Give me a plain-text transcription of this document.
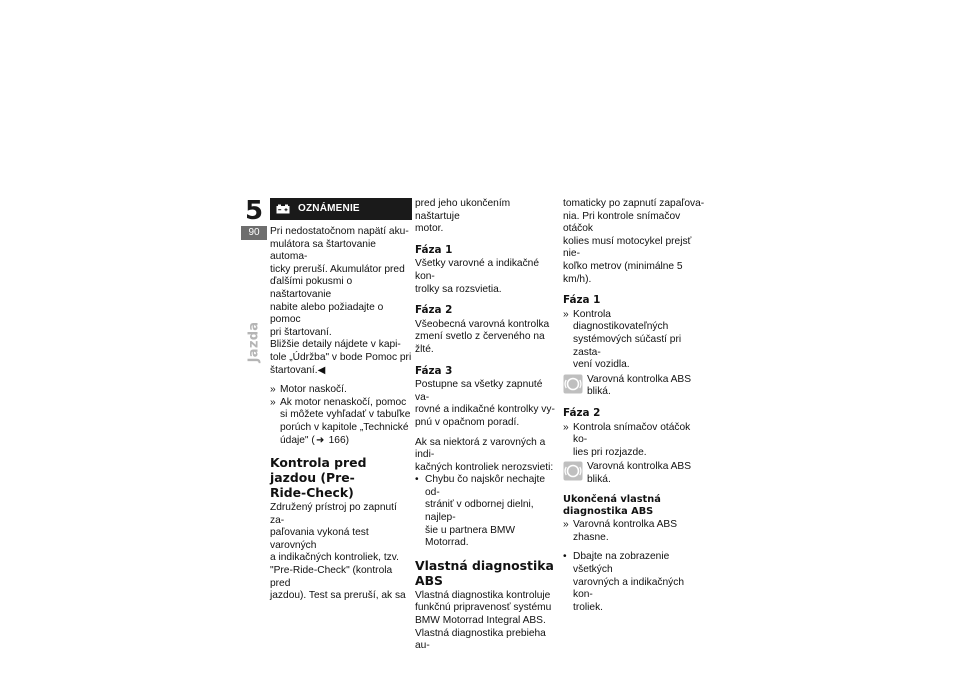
5
90
Jazda
OZNÁMENIE

Pri nedostatočnom napätí aku-
mulátora sa štartovanie automa-
ticky preruší. Akumulátor pred
ďalšími pokusmi o naštartovanie
nabite alebo požiadajte o pomoc
pri štartovaní.
Bližšie detaily nájdete v kapi-
tole „Údržba" v bode Pomoc pri
štartovaní.◀

» Motor naskočí.
» Ak motor nenaskočí, pomoc
si môžete vyhľadať v tabuľke
porúch v kapitole „Technické
údaje" (➜ 166)
Kontrola pred jazdou (Pre-
Ride-Check)

Združený prístroj po zapnutí za-
paľovania vykoná test varovných
a indikačných kontroliek, tzv.
"Pre-Ride-Check" (kontrola pred
jazdou). Test sa preruší, ak sa

pred jeho ukončením naštartuje
motor.

Fáza 1

Všetky varovné a indikačné kon-
trolky sa rozsvietia.

Fáza 2

Všeobecná varovná kontrolka
zmení svetlo z červeného na žlté.

Fáza 3

Postupne sa všetky zapnuté va-
rovné a indikačné kontrolky vy-
pnú v opačnom poradí.

Ak sa niektorá z varovných a indi-
kačných kontroliek nerozsvieti:

• Chybu čo najskôr nechajte od-
strániť v odbornej dielni, najlep-
šie u partnera BMW Motorrad.
Vlastná diagnostika ABS

Vlastná diagnostika kontroluje
funkčnú pripravenosť systému
BMW Motorrad Integral ABS.
Vlastná diagnostika prebieha au-

tomaticky po zapnutí zapaľova-
nia. Pri kontrole snímačov otáčok
kolies musí motocykel prejsť nie-
koľko metrov (minimálne 5 km/h).

Fáza 1
» Kontrola diagnostikovateľných
systémových súčastí pri zasta-
vení vozidla.
Varovná kontrolka ABS
bliká.
Fáza 2
» Kontrola snímačov otáčok ko-
lies pri rozjazde.
Varovná kontrolka ABS
bliká.
Ukončená vlastná
diagnostika ABS
» Varovná kontrolka ABS zhasne.
• Dbajte na zobrazenie všetkých
varovných a indikačných kon-
troliek.
